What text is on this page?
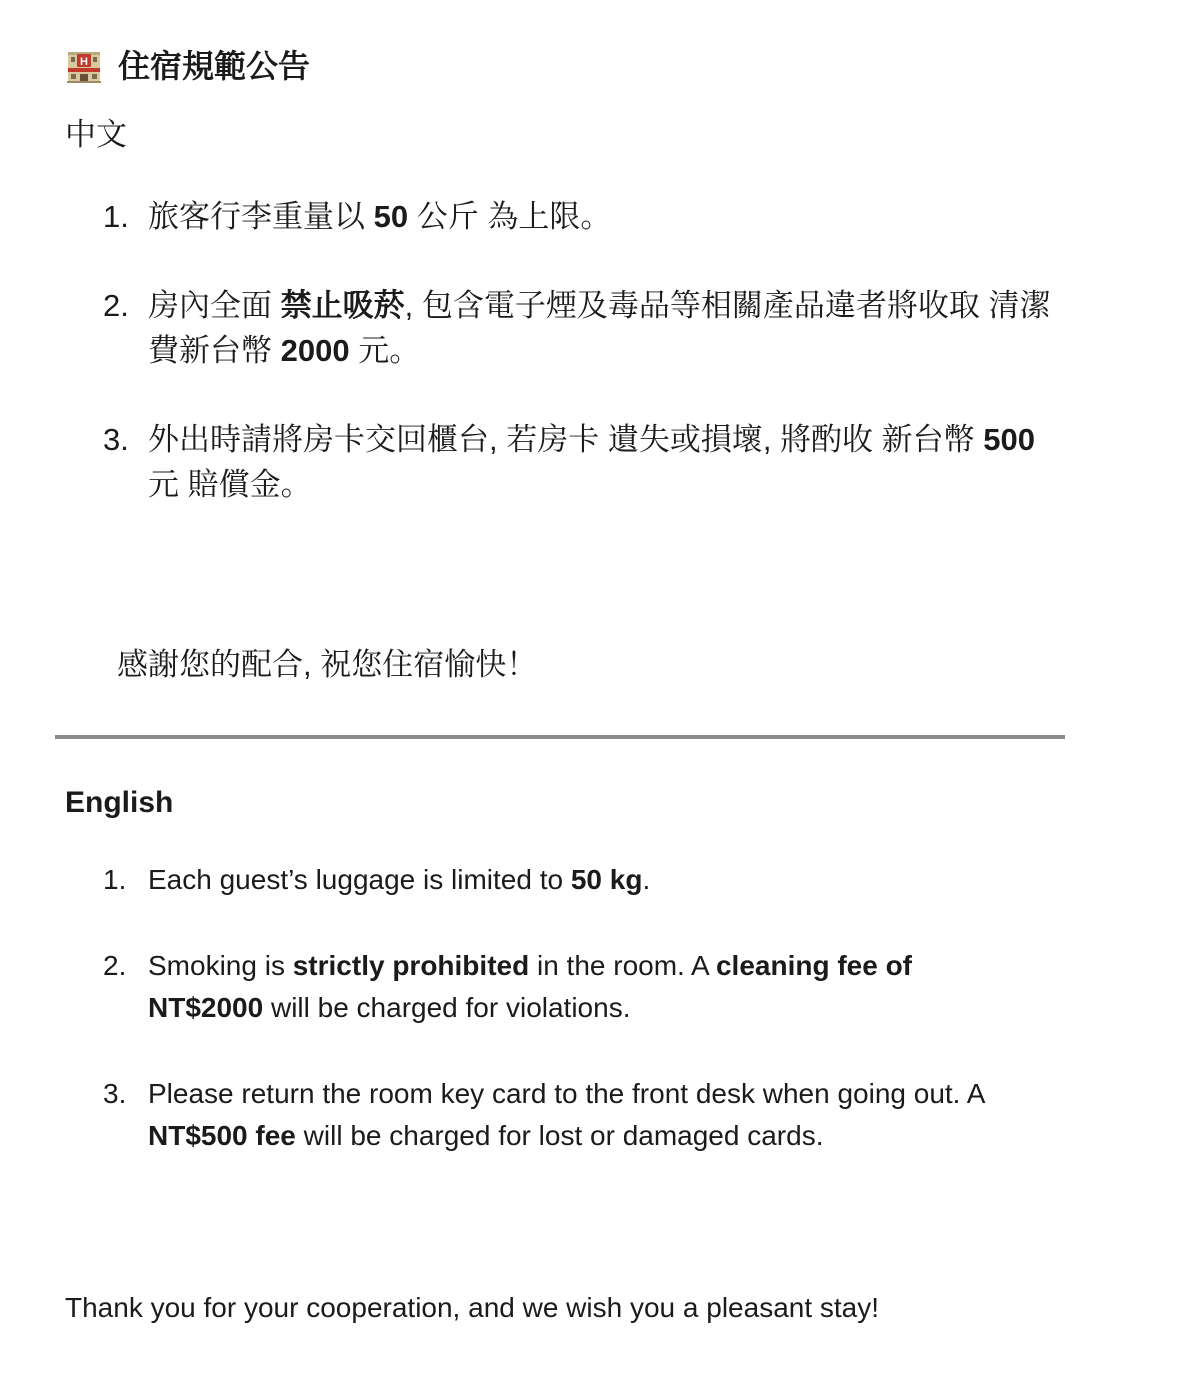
H 住宿規範公告
中文
旅客行李重量以 50 公斤 為上限。
房內全面 禁止吸菸, 包含電子煙及毒品等相關產品違者將收取 清潔費新台幣 2000 元。
外出時請將房卡交回櫃台, 若房卡 遺失或損壞, 將酌收 新台幣 500 元 賠償金。

感謝您的配合, 祝您住宿愉快！

English
Each guest’s luggage is limited to 50 kg.
Smoking is strictly prohibited in the room. A cleaning fee of NT$2000 will be charged for violations.
Please return the room key card to the front desk when going out. A NT$500 fee will be charged for lost or damaged cards.

Thank you for your cooperation, and we wish you a pleasant stay!
